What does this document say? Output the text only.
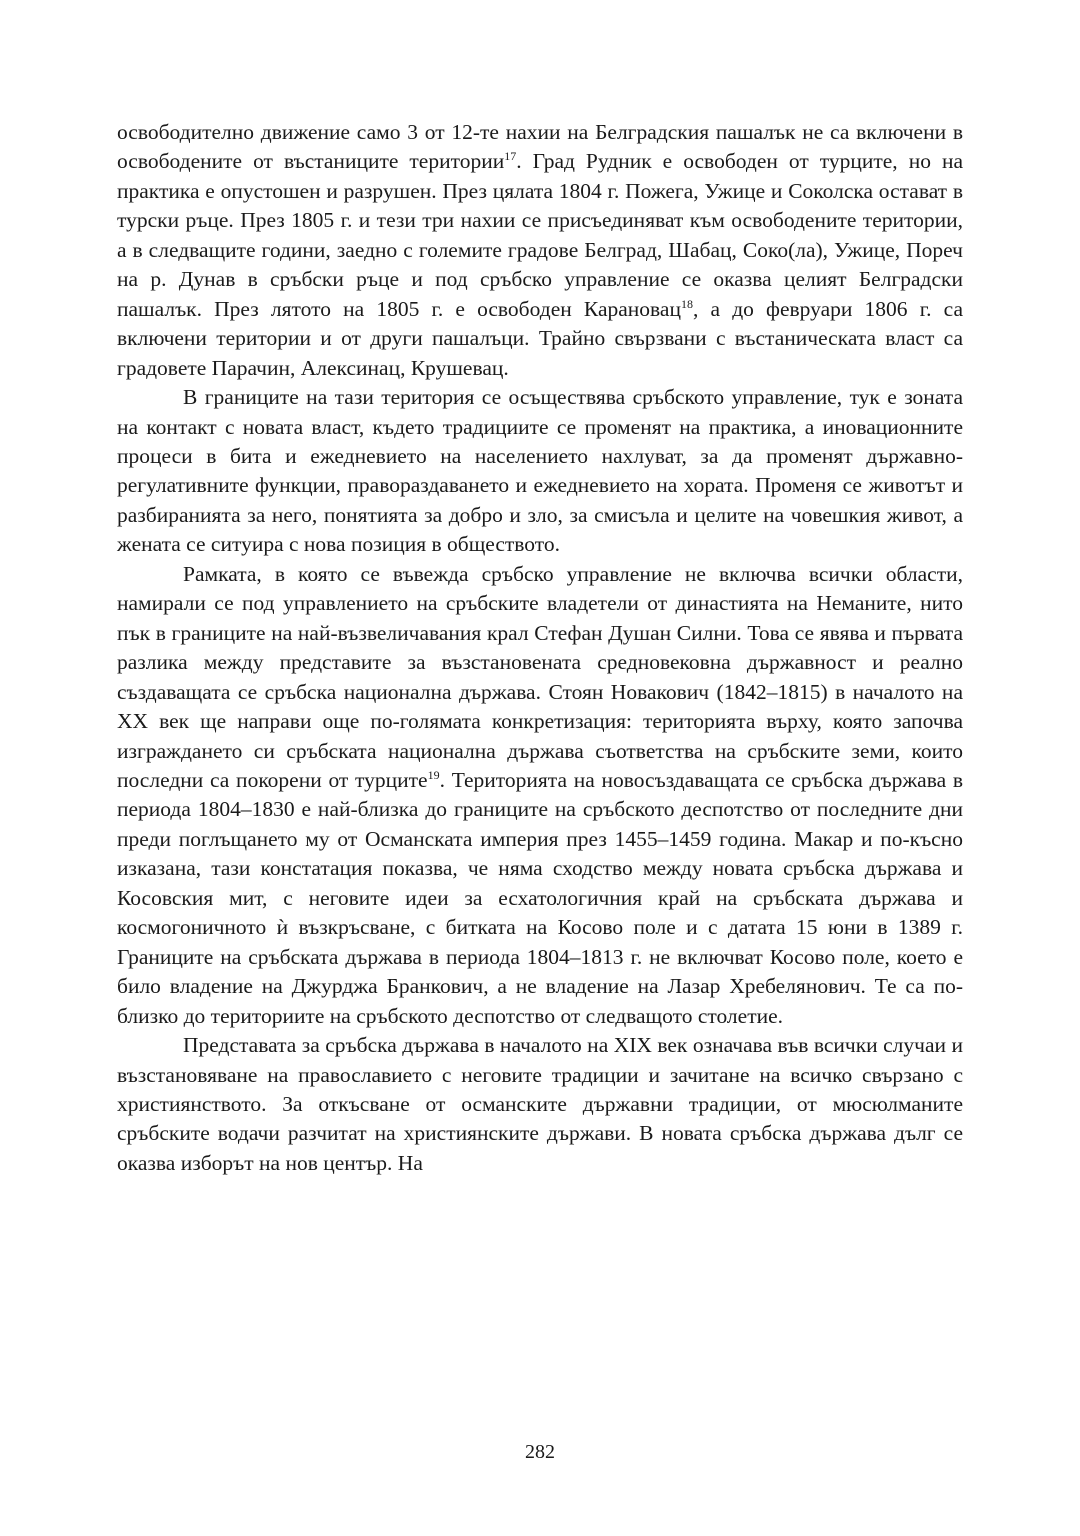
освободително движение само 3 от 12-те нахии на Белградския пашалък не са включени в освободените от въстаниците територии$^{17}$. Град Рудник е освободен от турците, но на практика е опустошен и разрушен. През цялата 1804 г. Пожега, Ужице и Соколска остават в турски ръце. През 1805 г. и тези три нахии се присъединяват към освободените територии, а в следващите години, заедно с големите градове Белград, Шабац, Соко(ла), Ужице, Пореч на р. Дунав в сръбски ръце и под сръбско управление се оказва целият Белградски пашалък. През лятото на 1805 г. е освободен Карановац$^{18}$, а до февруари 1806 г. са включени територии и от други пашалъци. Трайно свързвани с въстаническата власт са градовете Парачин, Алексинац, Крушевац.

В границите на тази територия се осъществява сръбското управление, тук е зоната на контакт с новата власт, където традициите се променят на практика, а иновационните процеси в бита и ежедневието на населението нахлуват, за да променят държавно-регулативните функции, правораздаването и ежедневието на хората. Променя се животът и разбиранията за него, понятията за добро и зло, за смисъла и целите на човешкия живот, а жената се ситуира с нова позиция в обществото.

Рамката, в която се въвежда сръбско управление не включва всички области, намирали се под управлението на сръбските владетели от династията на Неманите, нито пък в границите на най-възвеличавания крал Стефан Душан Силни. Това се явява и първата разлика между представите за възстановената средновековна държавност и реално създаващата се сръбска национална държава. Стоян Новакович (1842–1815) в началото на XX век ще направи още по-голямата конкретизация: територията върху, която започва изграждането си сръбската национална държава съответства на сръбските земи, които последни са покорени от турците$^{19}$. Територията на новосъздаващата се сръбска държава в периода 1804–1830 е най-близка до границите на сръбското деспотство от последните дни преди поглъщането му от Османската империя през 1455–1459 година. Макар и по-късно изказана, тази констатация показва, че няма сходство между новата сръбска държава и Косовския мит, с неговите идеи за есхатологичния край на сръбската държава и космогоничното ѝ възкръсване, с битката на Косово поле и с датата 15 юни в 1389 г. Границите на сръбската държава в периода 1804–1813 г. не включват Косово поле, което е било владение на Джурджа Бранкович, а не владение на Лазар Хребелянович. Те са по-близко до териториите на сръбското деспотство от следващото столетие.

Представата за сръбска държава в началото на XIX век означава във всички случаи и възстановяване на православието с неговите традиции и зачитане на всичко свързано с християнството. За откъсване от османските държавни традиции, от мюсюлманите сръбските водачи разчитат на християнските държави. В новата сръбска държава дълг се оказва изборът на нов център. На

282
